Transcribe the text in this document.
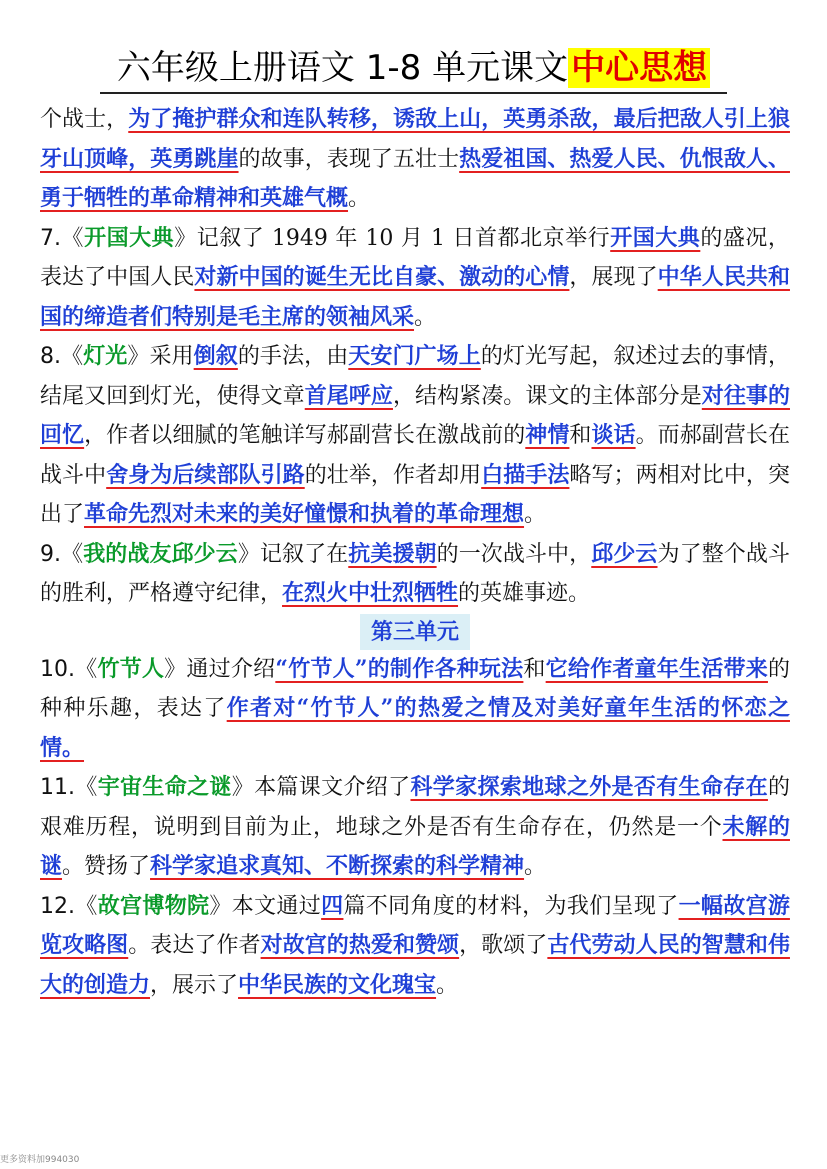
六年级上册语文 1-8 单元课文中心思想

个战士，为了掩护群众和连队转移，诱敌上山，英勇杀敌，最后把敌人引上狼牙山顶峰，英勇跳崖的故事，表现了五壮士热爱祖国、热爱人民、仇恨敌人、勇于牺牲的革命精神和英雄气概。

7.《开国大典》记叙了 1949 年 10 月 1 日首都北京举行开国大典的盛况，表达了中国人民对新中国的诞生无比自豪、激动的心情，展现了中华人民共和国的缔造者们特别是毛主席的领袖风采。

8.《灯光》采用倒叙的手法，由天安门广场上的灯光写起，叙述过去的事情，结尾又回到灯光，使得文章首尾呼应，结构紧凑。课文的主体部分是对往事的回忆，作者以细腻的笔触详写郝副营长在激战前的神情和谈话。而郝副营长在战斗中舍身为后续部队引路的壮举，作者却用白描手法略写；两相对比中，突出了革命先烈对未来的美好憧憬和执着的革命理想。

9.《我的战友邱少云》记叙了在抗美援朝的一次战斗中，邱少云为了整个战斗的胜利，严格遵守纪律，在烈火中壮烈牺牲的英雄事迹。

第三单元

10.《竹节人》通过介绍“竹节人”的制作各种玩法和它给作者童年生活带来的种种乐趣，表达了作者对“竹节人”的热爱之情及对美好童年生活的怀恋之情。

11.《宇宙生命之谜》本篇课文介绍了科学家探索地球之外是否有生命存在的艰难历程，说明到目前为止，地球之外是否有生命存在，仍然是一个未解的谜。赞扬了科学家追求真知、不断探索的科学精神。

12.《故宫博物院》本文通过四篇不同角度的材料，为我们呈现了一幅故宫游览攻略图。表达了作者对故宫的热爱和赞颂，歌颂了古代劳动人民的智慧和伟大的创造力，展示了中华民族的文化瑰宝。

更多资料加994030
